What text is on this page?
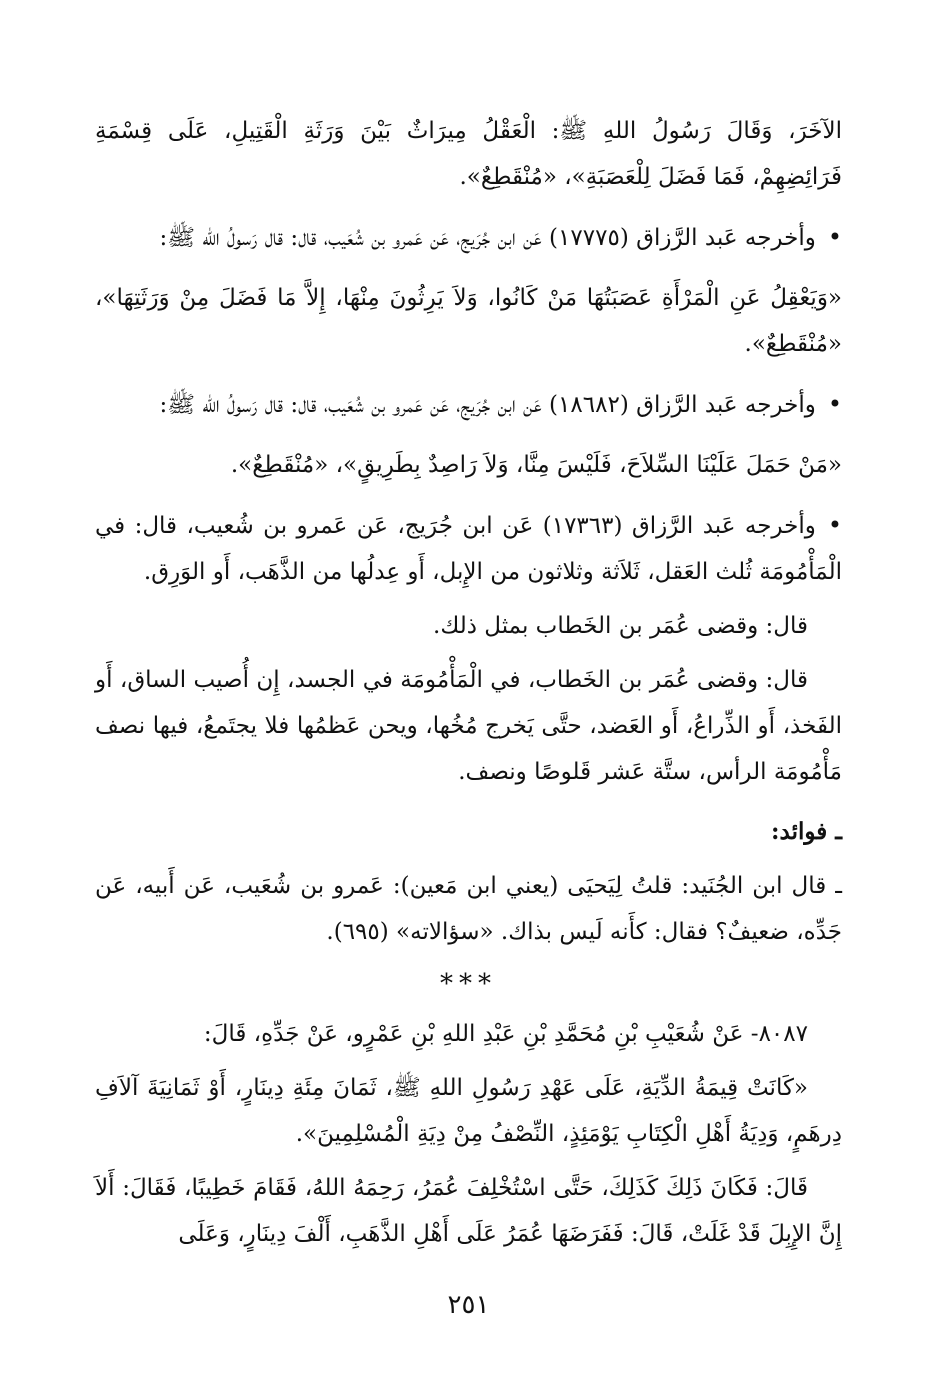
الآخَرَ، وَقَالَ رَسُولُ اللهِ ﷺ: الْعَقْلُ مِيرَاثٌ بَيْنَ وَرَثَةِ الْقَتِيلِ، عَلَى قِسْمَةِ فَرَائِضِهِمْ، فَمَا فَضَلَ لِلْعَصَبَةِ»، «مُنْقَطِعٌ».

• وأخرجه عَبد الرَّزاق (١٧٧٧٥) عَن ابن جُرَيج، عَن عَمرو بن شُعَيب، قال: قال رَسولُ الله ﷺ:

«وَيَعْقِلُ عَنِ الْمَرْأَةِ عَصَبَتُهَا مَنْ كَانُوا، وَلاَ يَرِثُونَ مِنْهَا، إِلاَّ مَا فَضَلَ مِنْ وَرَثَتِهَا»، «مُنْقَطِعٌ».

• وأخرجه عَبد الرَّزاق (١٨٦٨٢) عَن ابن جُرَيج، عَن عَمرو بن شُعَيب، قال: قال رَسولُ الله ﷺ:

«مَنْ حَمَلَ عَلَيْنَا السِّلاَحَ، فَلَيْسَ مِنَّا، وَلاَ رَاصِدٌ بِطَرِيقٍ»، «مُنْقَطِعٌ».

• وأخرجه عَبد الرَّزاق (١٧٣٦٣) عَن ابن جُرَيج، عَن عَمرو بن شُعيب، قال: في الْمَأْمُومَة ثُلث العَقل، ثَلاَثة وثلاثون من الإِبل، أَو عِدلُها من الذَّهَب، أَو الوَرِق.

قال: وقضى عُمَر بن الخَطاب بمثل ذلك.

قال: وقضى عُمَر بن الخَطاب، في الْمَأْمُومَة في الجسد، إِن أُصيب الساق، أَو الفَخذ، أَو الذِّراعُ، أَو العَضد، حتَّى يَخرج مُخُها، ويحن عَظمُها فلا يجتَمعُ، فيها نصف مَأْمُومَة الرأس، ستَّة عَشر قَلوصًا ونصف.

ـ فوائد:

ـ قال ابن الجُنَيد: قلتُ لِيَحيَى (يعني ابن مَعين): عَمرو بن شُعَيب، عَن أَبيه، عَن جَدِّه، ضعيفٌ؟ فقال: كأَنه لَيس بذاك. «سؤالاته» (٦٩٥).

***

٨٠٨٧- عَنْ شُعَيْبِ بْنِ مُحَمَّدِ بْنِ عَبْدِ اللهِ بْنِ عَمْرٍو، عَنْ جَدِّهِ، قَالَ:

«كَانَتْ قِيمَةُ الدِّيَةِ، عَلَى عَهْدِ رَسُولِ اللهِ ﷺ، ثَمَانَ مِئَةِ دِينَارٍ، أَوْ ثَمَانِيَةَ آلاَفِ دِرهَمٍ، وَدِيَةُ أَهْلِ الْكِتَابِ يَوْمَئِذٍ، النِّصْفُ مِنْ دِيَةِ الْمُسْلِمِينَ».

قَالَ: فَكَانَ ذَلِكَ كَذَلِكَ، حَتَّى اسْتُخْلِفَ عُمَرُ، رَحِمَهُ اللهُ، فَقَامَ خَطِيبًا، فَقَالَ: أَلاَ إِنَّ الإِبِلَ قَدْ غَلَتْ، قَالَ: فَفَرَضَهَا عُمَرُ عَلَى أَهْلِ الذَّهَبِ، أَلْفَ دِينَارٍ، وَعَلَى

٢٥١
